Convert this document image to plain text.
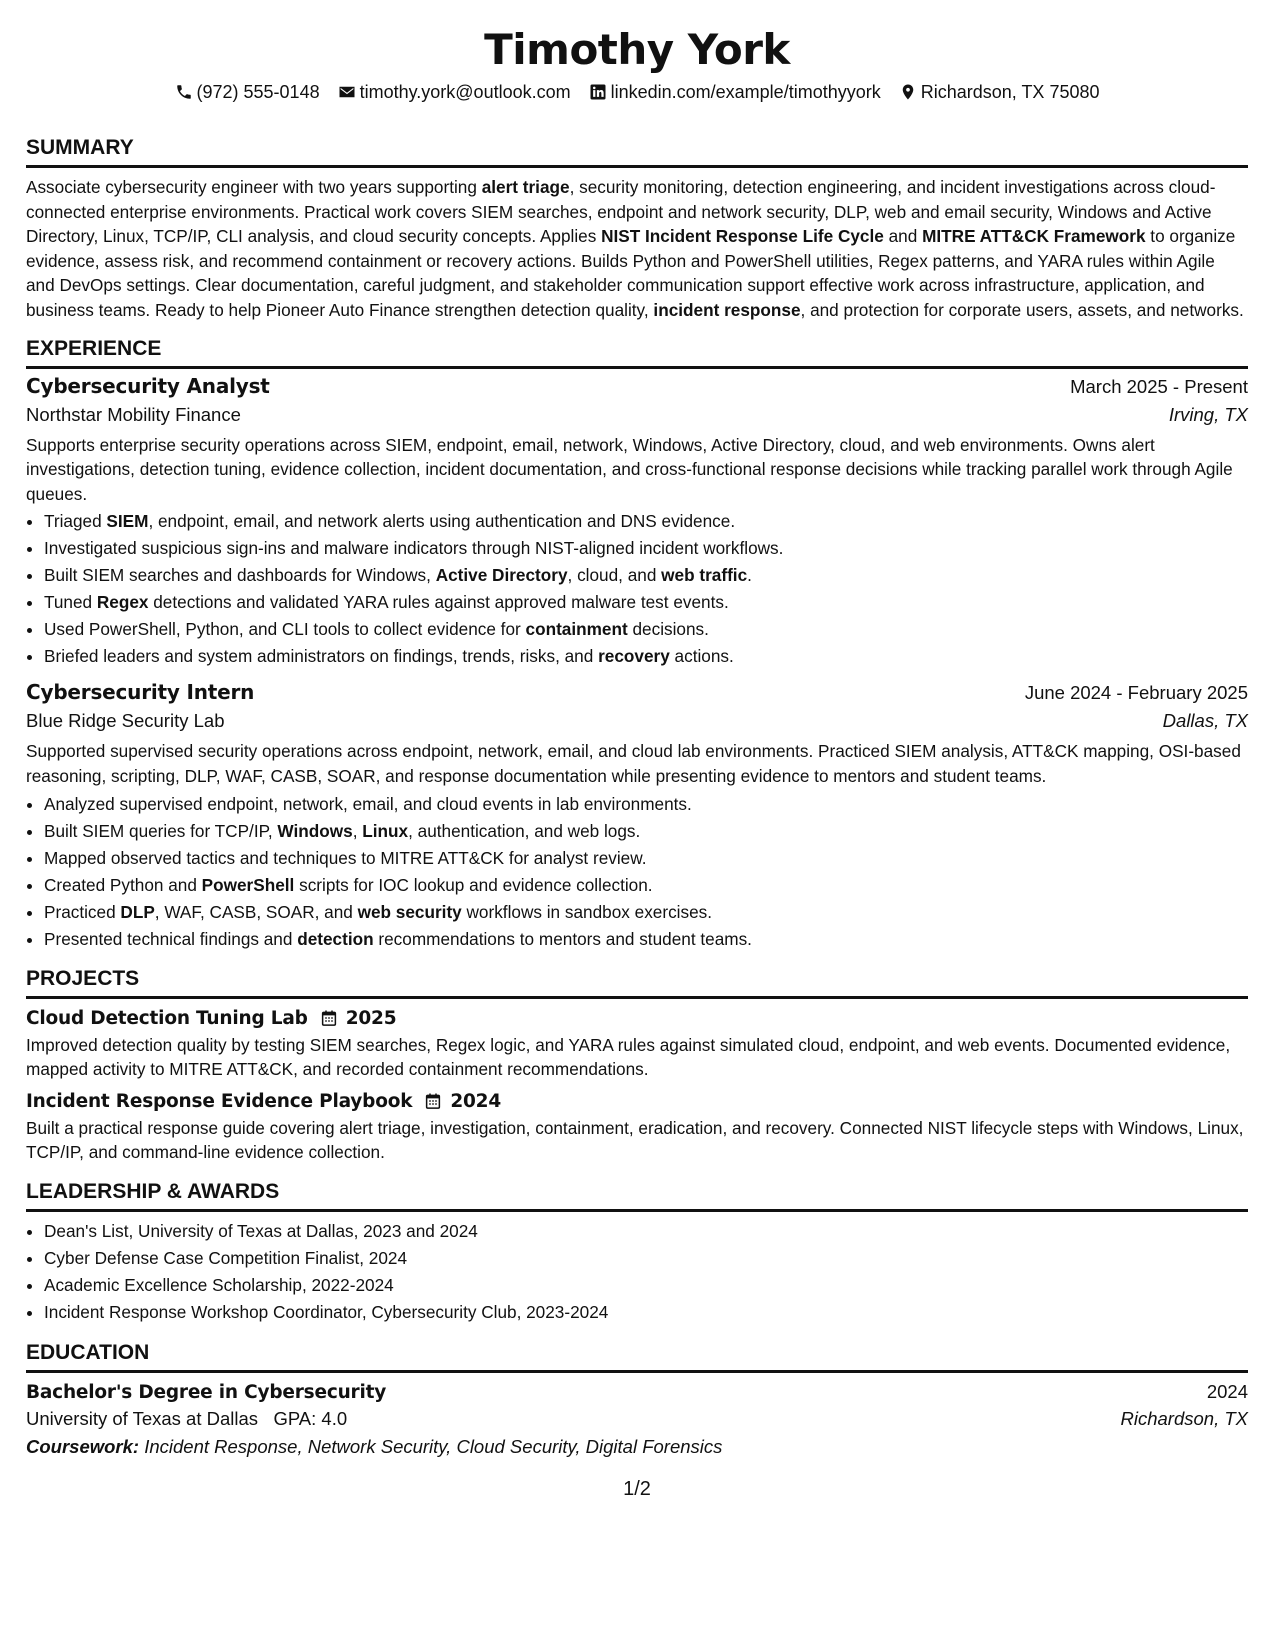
Timothy York
(972) 555-0148 timothy.york@outlook.com linkedin.com/example/timothyyork Richardson, TX 75080
SUMMARY

Associate cybersecurity engineer with two years supporting alert triage, security monitoring, detection engineering, and incident investigations across cloud-connected enterprise environments. Practical work covers SIEM searches, endpoint and network security, DLP, web and email security, Windows and Active Directory, Linux, TCP/IP, CLI analysis, and cloud security concepts. Applies NIST Incident Response Life Cycle and MITRE ATT&CK Framework to organize evidence, assess risk, and recommend containment or recovery actions. Builds Python and PowerShell utilities, Regex patterns, and YARA rules within Agile and DevOps settings. Clear documentation, careful judgment, and stakeholder communication support effective work across infrastructure, application, and business teams. Ready to help Pioneer Auto Finance strengthen detection quality, incident response, and protection for corporate users, assets, and networks.

EXPERIENCE
Cybersecurity Analyst	March 2025 - Present
Northstar Mobility Finance	Irving, TX

Supports enterprise security operations across SIEM, endpoint, email, network, Windows, Active Directory, cloud, and web environments. Owns alert investigations, detection tuning, evidence collection, incident documentation, and cross-functional response decisions while tracking parallel work through Agile queues.

• Triaged SIEM, endpoint, email, and network alerts using authentication and DNS evidence.
• Investigated suspicious sign-ins and malware indicators through NIST-aligned incident workflows.
• Built SIEM searches and dashboards for Windows, Active Directory, cloud, and web traffic.
• Tuned Regex detections and validated YARA rules against approved malware test events.
• Used PowerShell, Python, and CLI tools to collect evidence for containment decisions.
• Briefed leaders and system administrators on findings, trends, risks, and recovery actions.
Cybersecurity Intern	June 2024 - February 2025
Blue Ridge Security Lab	Dallas, TX

Supported supervised security operations across endpoint, network, email, and cloud lab environments. Practiced SIEM analysis, ATT&CK mapping, OSI-based reasoning, scripting, DLP, WAF, CASB, SOAR, and response documentation while presenting evidence to mentors and student teams.

• Analyzed supervised endpoint, network, email, and cloud events in lab environments.
• Built SIEM queries for TCP/IP, Windows, Linux, authentication, and web logs.
• Mapped observed tactics and techniques to MITRE ATT&CK for analyst review.
• Created Python and PowerShell scripts for IOC lookup and evidence collection.
• Practiced DLP, WAF, CASB, SOAR, and web security workflows in sandbox exercises.
• Presented technical findings and detection recommendations to mentors and student teams.
PROJECTS
Cloud Detection Tuning Lab 2025

Improved detection quality by testing SIEM searches, Regex logic, and YARA rules against simulated cloud, endpoint, and web events. Documented evidence, mapped activity to MITRE ATT&CK, and recorded containment recommendations.

Incident Response Evidence Playbook 2024

Built a practical response guide covering alert triage, investigation, containment, eradication, and recovery. Connected NIST lifecycle steps with Windows, Linux, TCP/IP, and command-line evidence collection.

LEADERSHIP & AWARDS
• Dean's List, University of Texas at Dallas, 2023 and 2024
• Cyber Defense Case Competition Finalist, 2024
• Academic Excellence Scholarship, 2022-2024
• Incident Response Workshop Coordinator, Cybersecurity Club, 2023-2024
EDUCATION
Bachelor's Degree in Cybersecurity	2024
University of Texas at Dallas   GPA: 4.0	Richardson, TX
Coursework: Incident Response, Network Security, Cloud Security, Digital Forensics
1/2
